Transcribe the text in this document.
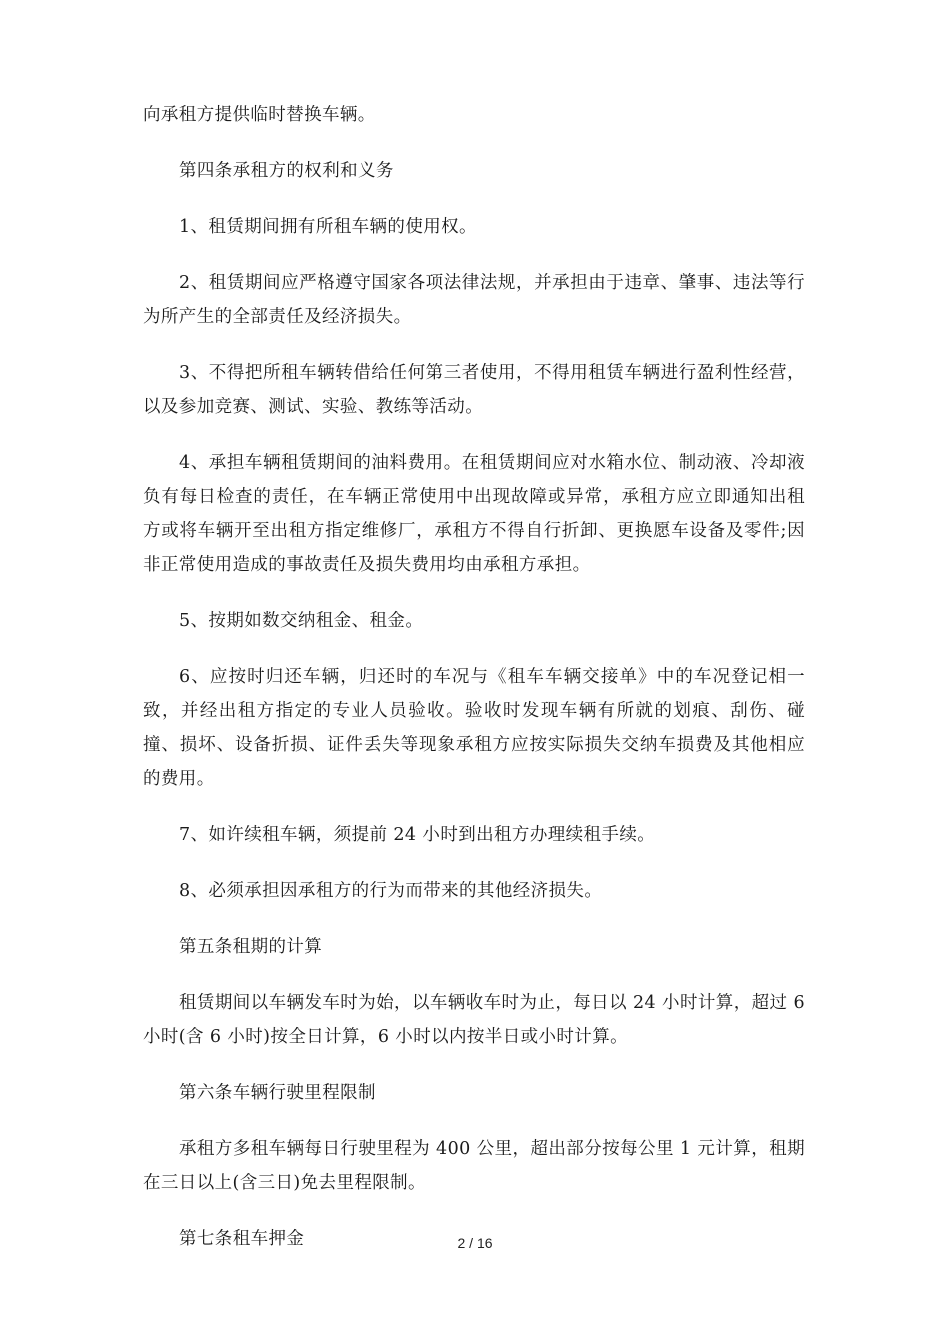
向承租方提供临时替换车辆。

第四条承租方的权利和义务

1、租赁期间拥有所租车辆的使用权。

2、租赁期间应严格遵守国家各项法律法规，并承担由于违章、肇事、违法等行为所产生的全部责任及经济损失。

3、不得把所租车辆转借给任何第三者使用，不得用租赁车辆进行盈利性经营，以及参加竞赛、测试、实验、教练等活动。

4、承担车辆租赁期间的油料费用。在租赁期间应对水箱水位、制动液、冷却液负有每日检查的责任，在车辆正常使用中出现故障或异常，承租方应立即通知出租方或将车辆开至出租方指定维修厂，承租方不得自行折卸、更换愿车设备及零件;因非正常使用造成的事故责任及损失费用均由承租方承担。

5、按期如数交纳租金、租金。

6、应按时归还车辆，归还时的车况与《租车车辆交接单》中的车况登记相一致，并经出租方指定的专业人员验收。验收时发现车辆有所就的划痕、刮伤、碰撞、损坏、设备折损、证件丢失等现象承租方应按实际损失交纳车损费及其他相应的费用。

7、如许续租车辆，须提前 24 小时到出租方办理续租手续。

8、必须承担因承租方的行为而带来的其他经济损失。

第五条租期的计算

租赁期间以车辆发车时为始，以车辆收车时为止，每日以 24 小时计算，超过 6 小时(含 6 小时)按全日计算，6 小时以内按半日或小时计算。

第六条车辆行驶里程限制

承租方多租车辆每日行驶里程为 400 公里，超出部分按每公里 1 元计算，租期在三日以上(含三日)免去里程限制。

第七条租车押金	2 / 16
